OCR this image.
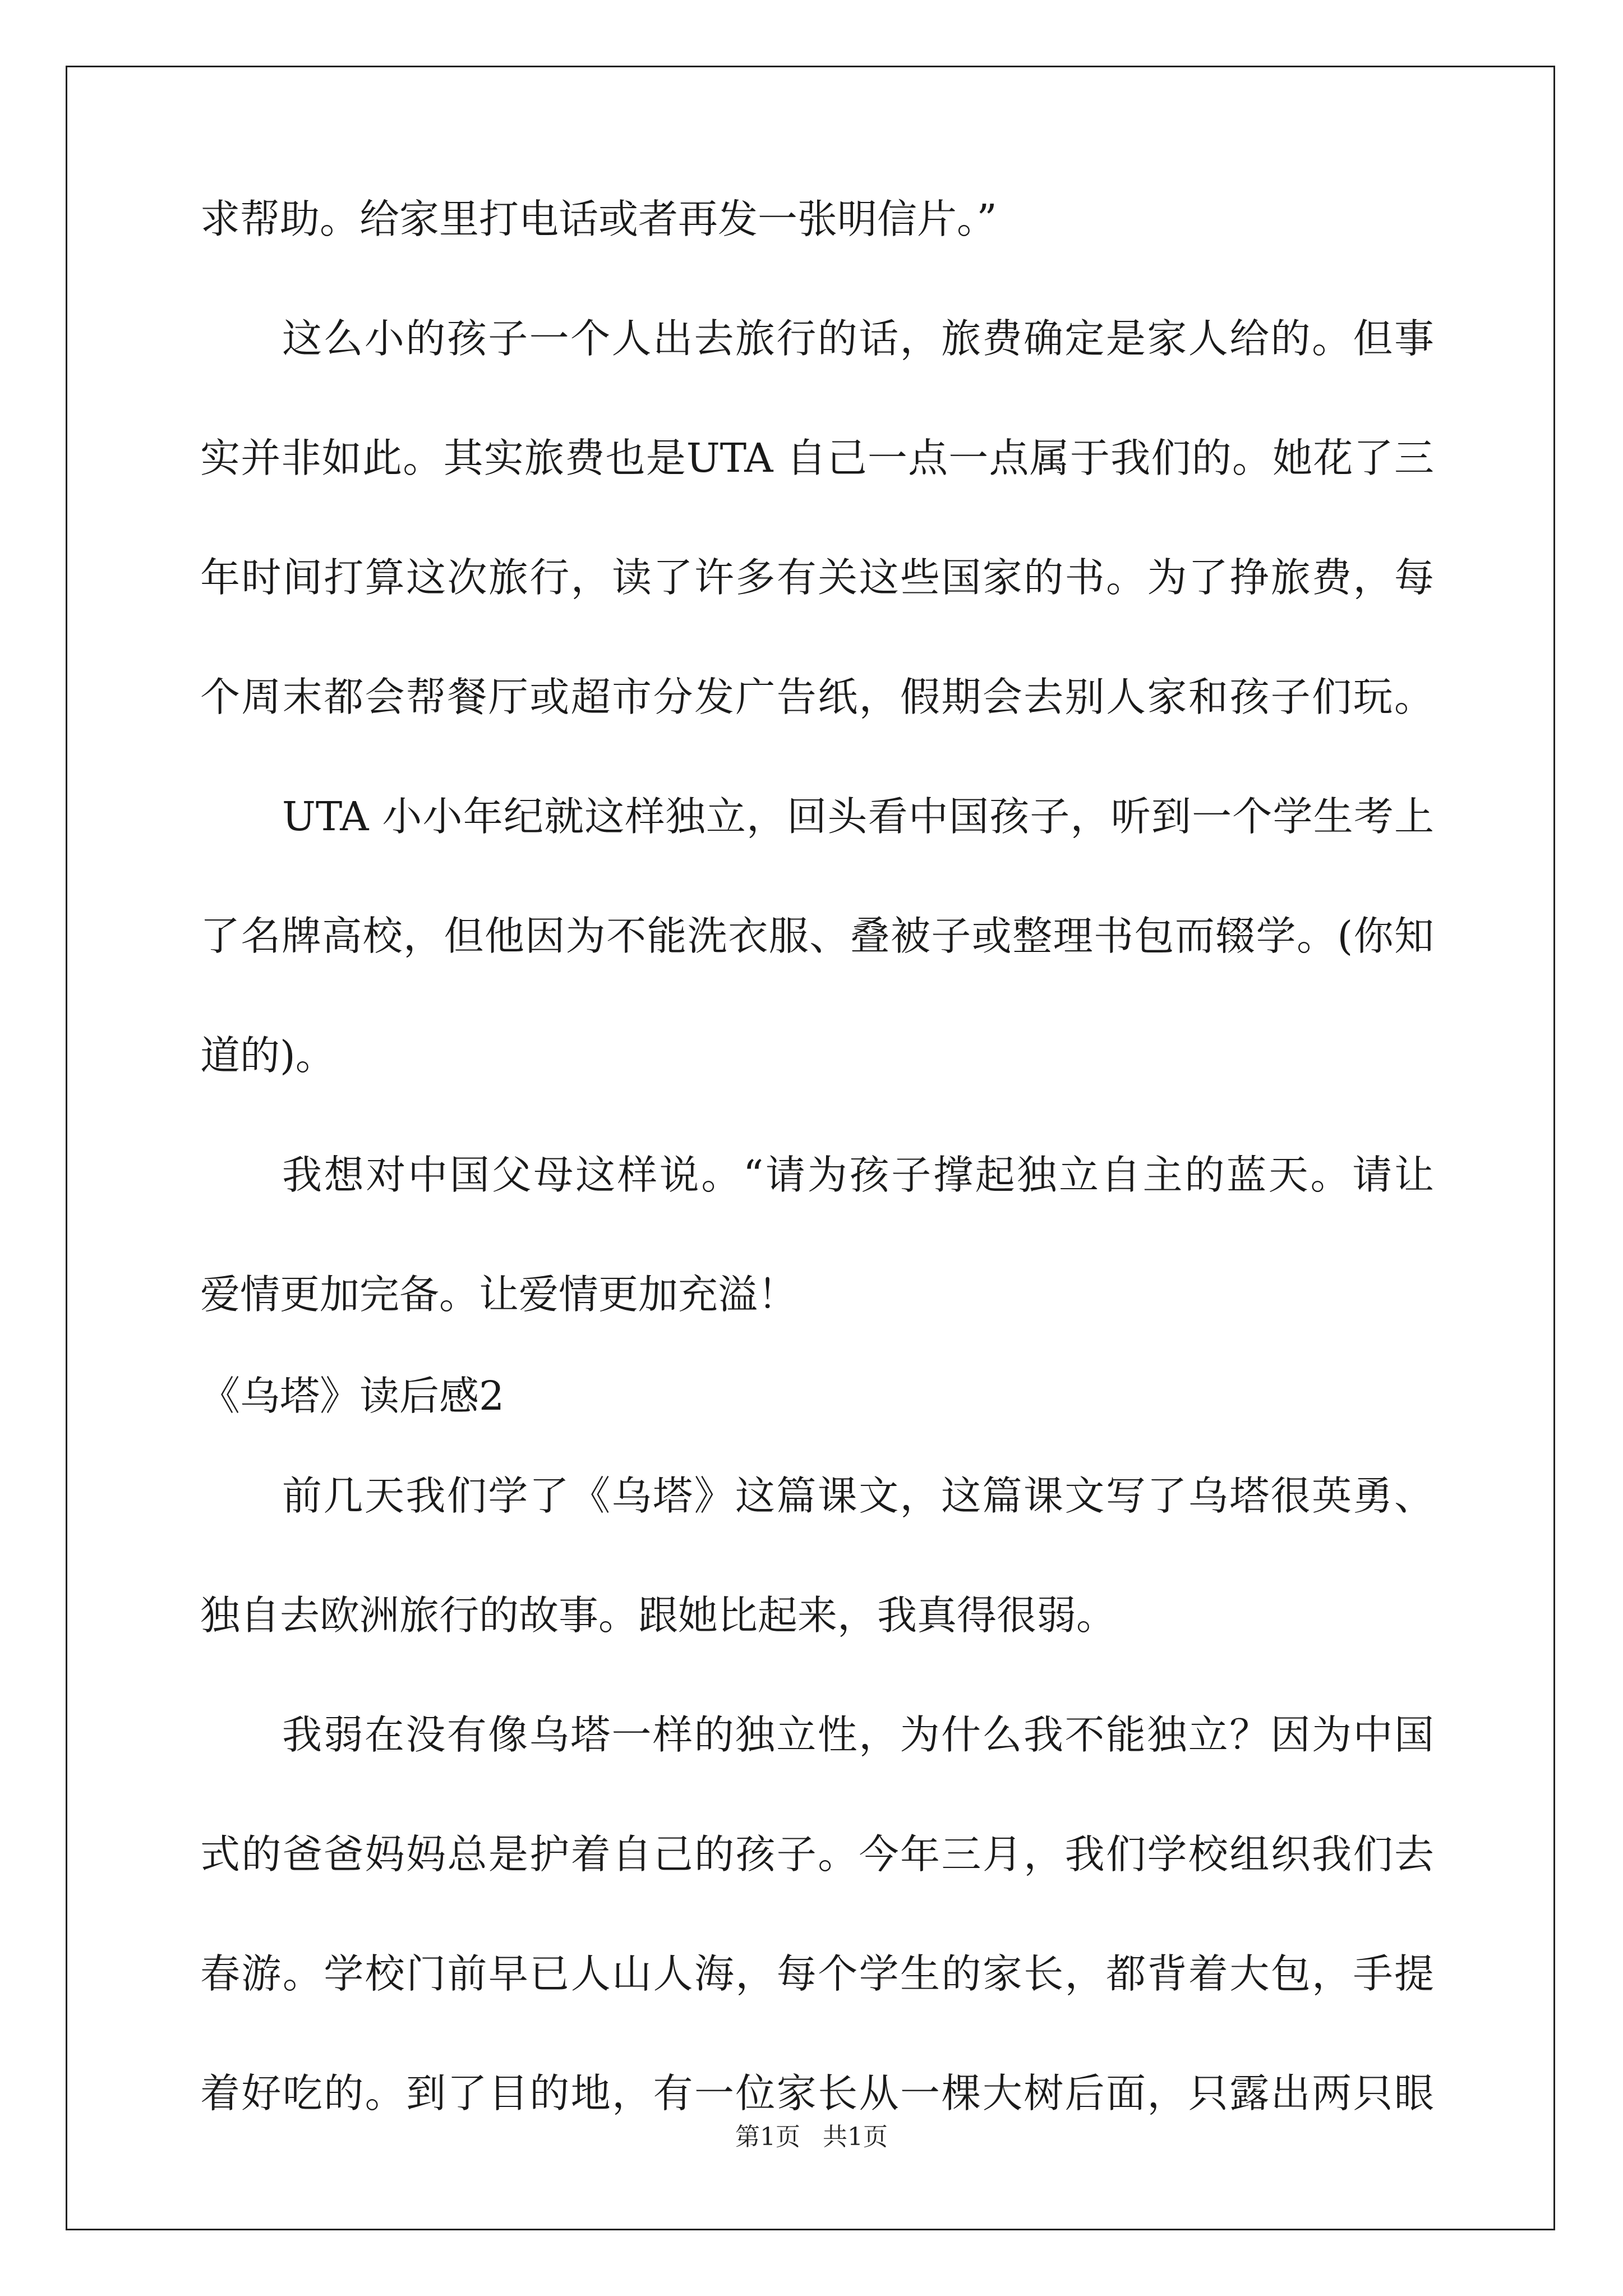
求帮助。给家里打电话或者再发一张明信片。”
这么小的孩子一个人出去旅行的话，旅费确定是家人给的。但事
实并非如此。其实旅费也是UTA 自己一点一点属于我们的。她花了三
年时间打算这次旅行，读了许多有关这些国家的书。为了挣旅费，每
个周末都会帮餐厅或超市分发广告纸，假期会去别人家和孩子们玩。
UTA 小小年纪就这样独立，回头看中国孩子，听到一个学生考上
了名牌高校，但他因为不能洗衣服、叠被子或整理书包而辍学。(你知
道的)。
我想对中国父母这样说。“请为孩子撑起独立自主的蓝天。请让
爱情更加完备。让爱情更加充溢！
《乌塔》读后感2
前几天我们学了《乌塔》这篇课文，这篇课文写了乌塔很英勇、
独自去欧洲旅行的故事。跟她比起来，我真得很弱。
我弱在没有像乌塔一样的独立性，为什么我不能独立？因为中国
式的爸爸妈妈总是护着自己的孩子。今年三月，我们学校组织我们去
春游。学校门前早已人山人海，每个学生的家长，都背着大包，手提
着好吃的。到了目的地，有一位家长从一棵大树后面，只露出两只眼
第1页 共1页
